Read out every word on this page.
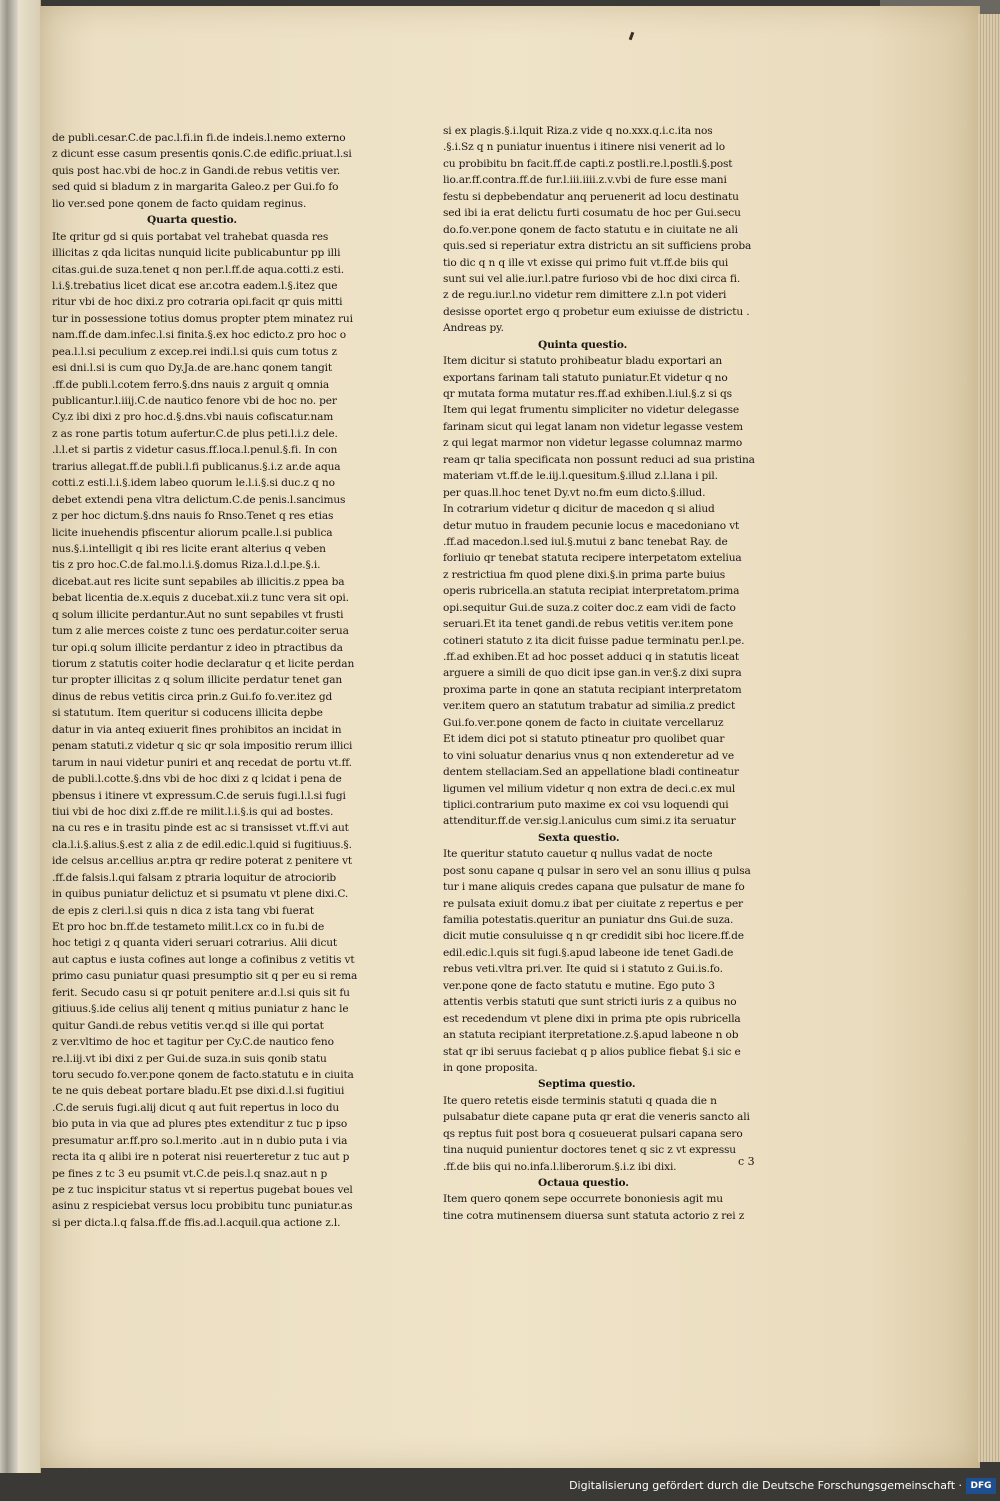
de publi.cesar.C.de pac.l.fi.in fi.de indeis.l.nemo externo
z dicunt esse casum presentis qonis.C.de edific.priuat.l.si
quis post hac.vbi de hoc.z in Gandi.de rebus vetitis ver.
sed quid si bladum z in margarita Galeo.z per Gui.fo fo
lio ver.sed pone qonem de facto quidam reginus.
Quarta questio.
Ite qritur gd si quis portabat vel trahebat quasda res
illicitas z qda licitas nunquid licite publicabuntur pp illi
citas.gui.de suza.tenet q non per.l.ff.de aqua.cotti.z esti.
l.i.§.trebatius licet dicat ese ar.cotra eadem.l.§.itez que
ritur vbi de hoc dixi.z pro cotraria opi.facit qr quis mitti
tur in possessione totius domus propter ptem minatez rui
nam.ff.de dam.infec.l.si finita.§.ex hoc edicto.z pro hoc o
pea.l.l.si peculium z excep.rei indi.l.si quis cum totus z
esi dni.l.si is cum quo Dy.Ja.de are.hanc qonem tangit
.ff.de publi.l.cotem ferro.§.dns nauis z arguit q omnia
publicantur.l.iiij.C.de nautico fenore vbi de hoc no. per
Cy.z ibi dixi z pro hoc.d.§.dns.vbi nauis cofiscatur.nam
z as rone partis totum aufertur.C.de plus peti.l.i.z dele.
.l.l.et si partis z videtur casus.ff.loca.l.penul.§.fi. In con
trarius allegat.ff.de publi.l.fi publicanus.§.i.z ar.de aqua
cotti.z esti.l.i.§.idem labeo quorum le.l.i.§.si duc.z q no
debet extendi pena vltra delictum.C.de penis.l.sancimus
z per hoc dictum.§.dns nauis fo Rnso.Tenet q res etias
licite inuehendis pfiscentur aliorum pcalle.l.si publica
nus.§.i.intelligit q ibi res licite erant alterius q veben
tis z pro hoc.C.de fal.mo.l.i.§.domus Riza.l.d.l.pe.§.i.
dicebat.aut res licite sunt sepabiles ab illicitis.z ppea ba
bebat licentia de.x.equis z ducebat.xii.z tunc vera sit opi.
q solum illicite perdantur.Aut no sunt sepabiles vt frusti
tum z alie merces coiste z tunc oes perdatur.coiter serua
tur opi.q solum illicite perdantur z ideo in ptractibus da
tiorum z statutis coiter hodie declaratur q et licite perdan
tur propter illicitas z q solum illicite perdatur tenet gan
dinus de rebus vetitis circa prin.z Gui.fo fo.ver.itez gd
si statutum. Item queritur si coducens illicita depbe
datur in via anteq exiuerit fines prohibitos an incidat in
penam statuti.z videtur q sic qr sola impositio rerum illici
tarum in naui videtur puniri et anq recedat de portu vt.ff.
de publi.l.cotte.§.dns vbi de hoc dixi z q lcidat i pena de
pbensus i itinere vt expressum.C.de seruis fugi.l.l.si fugi
tiui vbi de hoc dixi z.ff.de re milit.l.i.§.is qui ad bostes.
na cu res e in trasitu pinde est ac si transisset vt.ff.vi aut
cla.l.i.§.alius.§.est z alia z de edil.edic.l.quid si fugitiuus.§.
ide celsus ar.cellius ar.ptra qr redire poterat z penitere vt
.ff.de falsis.l.qui falsam z ptraria loquitur de atrociorib
in quibus puniatur delictuz et si psumatu vt plene dixi.C.
de epis z cleri.l.si quis n dica z ista tang vbi fuerat
Et pro hoc bn.ff.de testameto milit.l.cx co in fu.bi de
hoc tetigi z q quanta videri seruari cotrarius. Alii dicut
aut captus e iusta cofines aut longe a cofinibus z vetitis vt
primo casu puniatur quasi presumptio sit q per eu si rema
ferit. Secudo casu si qr potuit penitere ar.d.l.si quis sit fu
gitiuus.§.ide celius alij tenent q mitius puniatur z hanc le
quitur Gandi.de rebus vetitis ver.qd si ille qui portat
z ver.vltimo de hoc et tagitur per Cy.C.de nautico feno
re.l.iij.vt ibi dixi z per Gui.de suza.in suis qonib statu
toru secudo fo.ver.pone qonem de facto.statutu e in ciuita
te ne quis debeat portare bladu.Et pse dixi.d.l.si fugitiui
.C.de seruis fugi.alij dicut q aut fuit repertus in loco du
bio puta in via que ad plures ptes extenditur z tuc p ipso
presumatur ar.ff.pro so.l.merito .aut in n dubio puta i via
recta ita q alibi ire n poterat nisi reuerteretur z tuc aut p
pe fines z tc 3 eu psumit vt.C.de peis.l.q snaz.aut n p
pe z tuc inspicitur status vt si repertus pugebat boues vel
asinu z respiciebat versus locu probibitu tunc puniatur.as
si per dicta.l.q falsa.ff.de ffis.ad.l.acquil.qua actione z.l.
si ex plagis.§.i.lquit Riza.z vide q no.xxx.q.i.c.ita nos
.§.i.Sz q n puniatur inuentus i itinere nisi venerit ad lo
cu probibitu bn facit.ff.de capti.z postli.re.l.postli.§.post
lio.ar.ff.contra.ff.de fur.l.iii.iiii.z.v.vbi de fure esse mani
festu si depbebendatur anq peruenerit ad locu destinatu
sed ibi ia erat delictu furti cosumatu de hoc per Gui.secu
do.fo.ver.pone qonem de facto statutu e in ciuitate ne ali
quis.sed si reperiatur extra districtu an sit sufficiens proba
tio dic q n q ille vt exisse qui primo fuit vt.ff.de biis qui
sunt sui vel alie.iur.l.patre furioso vbi de hoc dixi circa fi.
z de regu.iur.l.no videtur rem dimittere z.l.n pot videri
desisse oportet ergo q probetur eum exiuisse de districtu .
Andreas py.
Quinta questio.
Item dicitur si statuto prohibeatur bladu exportari an
exportans farinam tali statuto puniatur.Et videtur q no
qr mutata forma mutatur res.ff.ad exhiben.l.iul.§.z si qs
Item qui legat frumentu simpliciter no videtur delegasse
farinam sicut qui legat lanam non videtur legasse vestem
z qui legat marmor non videtur legasse columnaz marmo
ream qr talia specificata non possunt reduci ad sua pristina
materiam vt.ff.de le.iij.l.quesitum.§.illud z.l.lana i pil.
per quas.ll.hoc tenet Dy.vt no.fm eum dicto.§.illud.
In cotrarium videtur q dicitur de macedon q si aliud
detur mutuo in fraudem pecunie locus e macedoniano vt
.ff.ad macedon.l.sed iul.§.mutui z banc tenebat Ray. de
forliuio qr tenebat statuta recipere interpetatom exteliua
z restrictiua fm quod plene dixi.§.in prima parte buius
operis rubricella.an statuta recipiat interpretatom.prima
opi.sequitur Gui.de suza.z coiter doc.z eam vidi de facto
seruari.Et ita tenet gandi.de rebus vetitis ver.item pone
cotineri statuto z ita dicit fuisse padue terminatu per.l.pe.
.ff.ad exhiben.Et ad hoc posset adduci q in statutis liceat
arguere a simili de quo dicit ipse gan.in ver.§.z dixi supra
proxima parte in qone an statuta recipiant interpretatom
ver.item quero an statutum trabatur ad similia.z predict
Gui.fo.ver.pone qonem de facto in ciuitate vercellaruz
Et idem dici pot si statuto ptineatur pro quolibet quar
to vini soluatur denarius vnus q non extenderetur ad ve
dentem stellaciam.Sed an appellatione bladi contineatur
ligumen vel milium videtur q non extra de deci.c.ex mul
tiplici.contrarium puto maxime ex coi vsu loquendi qui
attenditur.ff.de ver.sig.l.aniculus cum simi.z ita seruatur
Sexta questio.
Ite queritur statuto cauetur q nullus vadat de nocte
post sonu capane q pulsar in sero vel an sonu illius q pulsa
tur i mane aliquis credes capana que pulsatur de mane fo
re pulsata exiuit domu.z ibat per ciuitate z repertus e per
familia potestatis.queritur an puniatur dns Gui.de suza.
dicit mutie consuluisse q n qr credidit sibi hoc licere.ff.de
edil.edic.l.quis sit fugi.§.apud labeone ide tenet Gadi.de
rebus veti.vltra pri.ver. Ite quid si i statuto z Gui.is.fo.
ver.pone qone de facto statutu e mutine. Ego puto 3
attentis verbis statuti que sunt stricti iuris z a quibus no
est recedendum vt plene dixi in prima pte opis rubricella
an statuta recipiant iterpretatione.z.§.apud labeone n ob
stat qr ibi seruus faciebat q p alios publice fiebat §.i sic e
in qone proposita.
Septima questio.
Ite quero retetis eisde terminis statuti q quada die n
pulsabatur diete capane puta qr erat die veneris sancto ali
qs reptus fuit post bora q cosueuerat pulsari capana sero
tina nuquid punientur doctores tenet q sic z vt expressu
.ff.de biis qui no.infa.l.liberorum.§.i.z ibi dixi.
Octaua questio.
Item quero qonem sepe occurrete bononiesis agit mu
tine cotra mutinensem diuersa sunt statuta actorio z rei z
c 3
Digitalisierung gefördert durch die Deutsche Forschungsgemeinschaft · DFG
